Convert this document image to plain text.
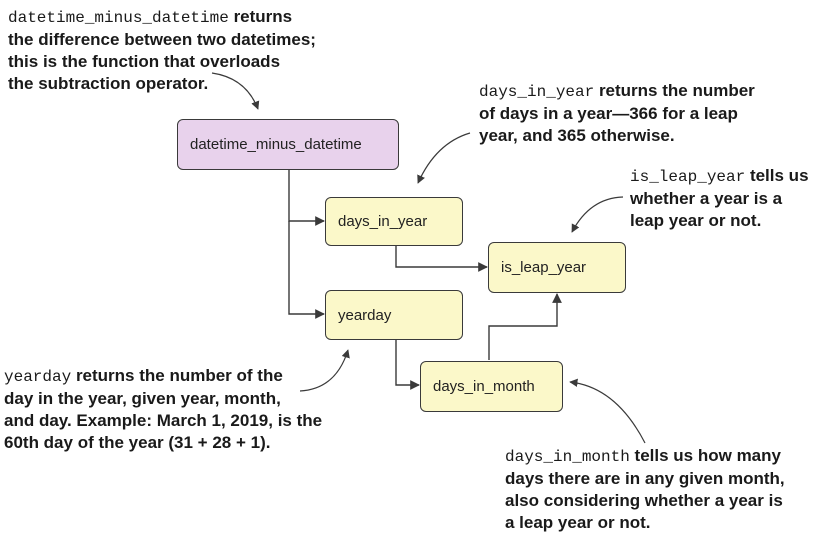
datetime_minus_datetime
days_in_year
is_leap_year
yearday
days_in_month
datetime_minus_datetime returns
the difference between two datetimes;
this is the function that overloads
the subtraction operator.	days_in_year returns the number
of days in a year—366 for a leap
year, and 365 otherwise.
is_leap_year tells us
whether a year is a
leap year or not.
yearday returns the number of the
day in the year, given year, month,
and day. Example: March 1, 2019, is the
60th day of the year (31 + 28 + 1).
days_in_month tells us how many
days there are in any given month,
also considering whether a year is
a leap year or not.
